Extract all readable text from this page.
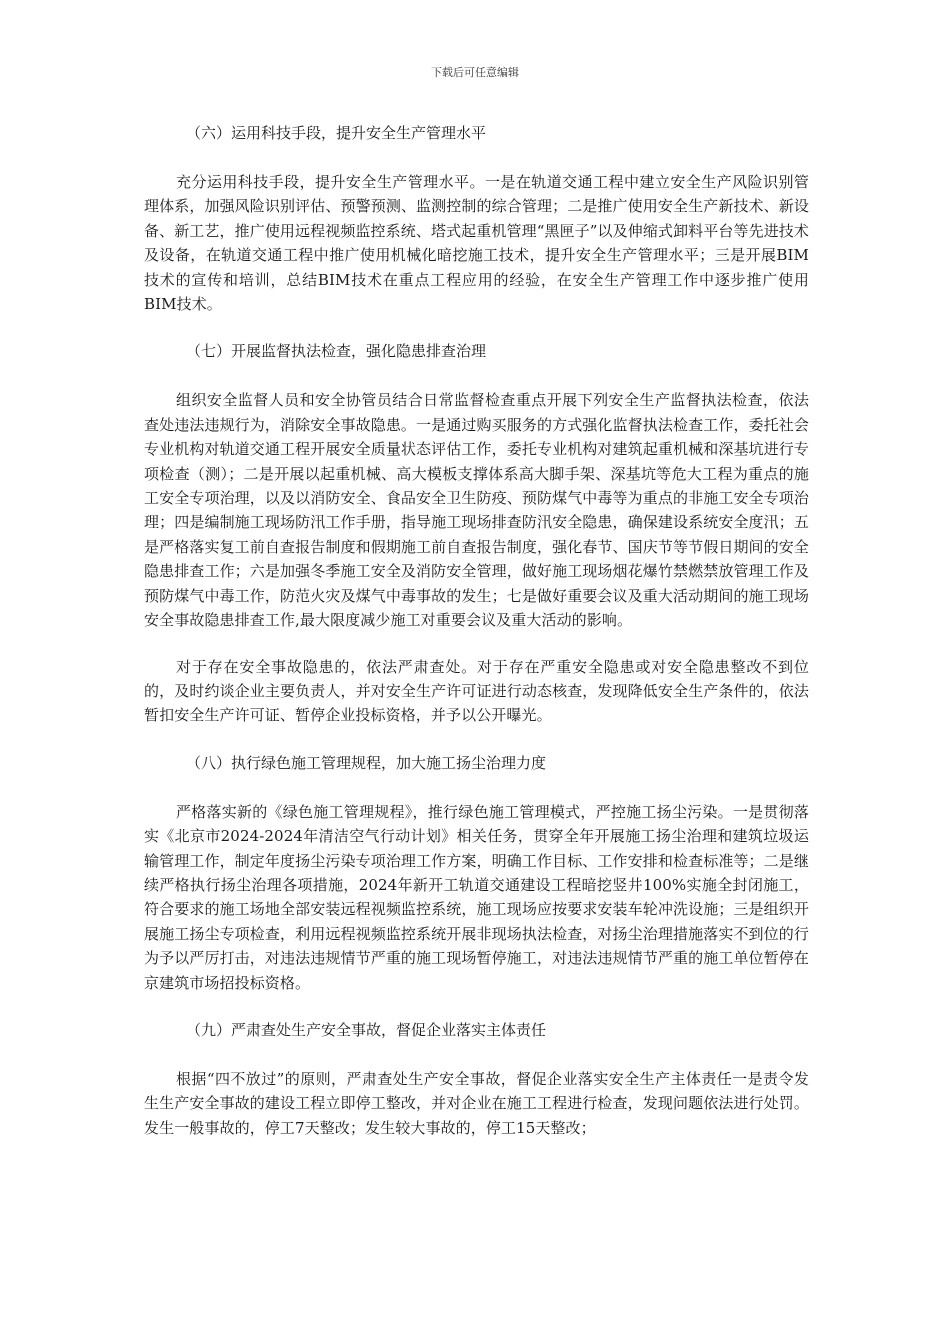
下载后可任意编辑
（六）运用科技手段，提升安全生产管理水平

充分运用科技手段，提升安全生产管理水平。一是在轨道交通工程中建立安全生产风险识别管理体系，加强风险识别评估、预警预测、监测控制的综合管理；二是推广使用安全生产新技术、新设备、新工艺，推广使用远程视频监控系统、塔式起重机管理“黑匣子”以及伸缩式卸料平台等先进技术及设备，在轨道交通工程中推广使用机械化暗挖施工技术，提升安全生产管理水平；三是开展BIM技术的宣传和培训，总结BIM技术在重点工程应用的经验，在安全生产管理工作中逐步推广使用BIM技术。

（七）开展监督执法检查，强化隐患排查治理

组织安全监督人员和安全协管员结合日常监督检查重点开展下列安全生产监督执法检查，依法查处违法违规行为，消除安全事故隐患。一是通过购买服务的方式强化监督执法检查工作，委托社会专业机构对轨道交通工程开展安全质量状态评估工作，委托专业机构对建筑起重机械和深基坑进行专项检查（测）；二是开展以起重机械、高大模板支撑体系高大脚手架、深基坑等危大工程为重点的施工安全专项治理，以及以消防安全、食品安全卫生防疫、预防煤气中毒等为重点的非施工安全专项治理；四是编制施工现场防汛工作手册，指导施工现场排查防汛安全隐患，确保建设系统安全度汛；五是严格落实复工前自查报告制度和假期施工前自查报告制度，强化春节、国庆节等节假日期间的安全隐患排查工作；六是加强冬季施工安全及消防安全管理，做好施工现场烟花爆竹禁燃禁放管理工作及预防煤气中毒工作，防范火灾及煤气中毒事故的发生；七是做好重要会议及重大活动期间的施工现场安全事故隐患排查工作,最大限度减少施工对重要会议及重大活动的影响。

对于存在安全事故隐患的，依法严肃查处。对于存在严重安全隐患或对安全隐患整改不到位的，及时约谈企业主要负责人，并对安全生产许可证进行动态核查，发现降低安全生产条件的，依法暂扣安全生产许可证、暂停企业投标资格，并予以公开曝光。

（八）执行绿色施工管理规程，加大施工扬尘治理力度

严格落实新的《绿色施工管理规程》，推行绿色施工管理模式，严控施工扬尘污染。一是贯彻落实《北京市2024-2024年清洁空气行动计划》相关任务，贯穿全年开展施工扬尘治理和建筑垃圾运输管理工作，制定年度扬尘污染专项治理工作方案，明确工作目标、工作安排和检查标准等；二是继续严格执行扬尘治理各项措施，2024年新开工轨道交通建设工程暗挖竖井100%实施全封闭施工，符合要求的施工场地全部安装远程视频监控系统，施工现场应按要求安装车轮冲洗设施；三是组织开展施工扬尘专项检查，利用远程视频监控系统开展非现场执法检查，对扬尘治理措施落实不到位的行为予以严厉打击，对违法违规情节严重的施工现场暂停施工，对违法违规情节严重的施工单位暂停在京建筑市场招投标资格。

（九）严肃查处生产安全事故，督促企业落实主体责任

根据“四不放过”的原则，严肃查处生产安全事故，督促企业落实安全生产主体责任一是责令发生生产安全事故的建设工程立即停工整改，并对企业在施工工程进行检查，发现问题依法进行处罚。发生一般事故的，停工7天整改；发生较大事故的，停工15天整改；
